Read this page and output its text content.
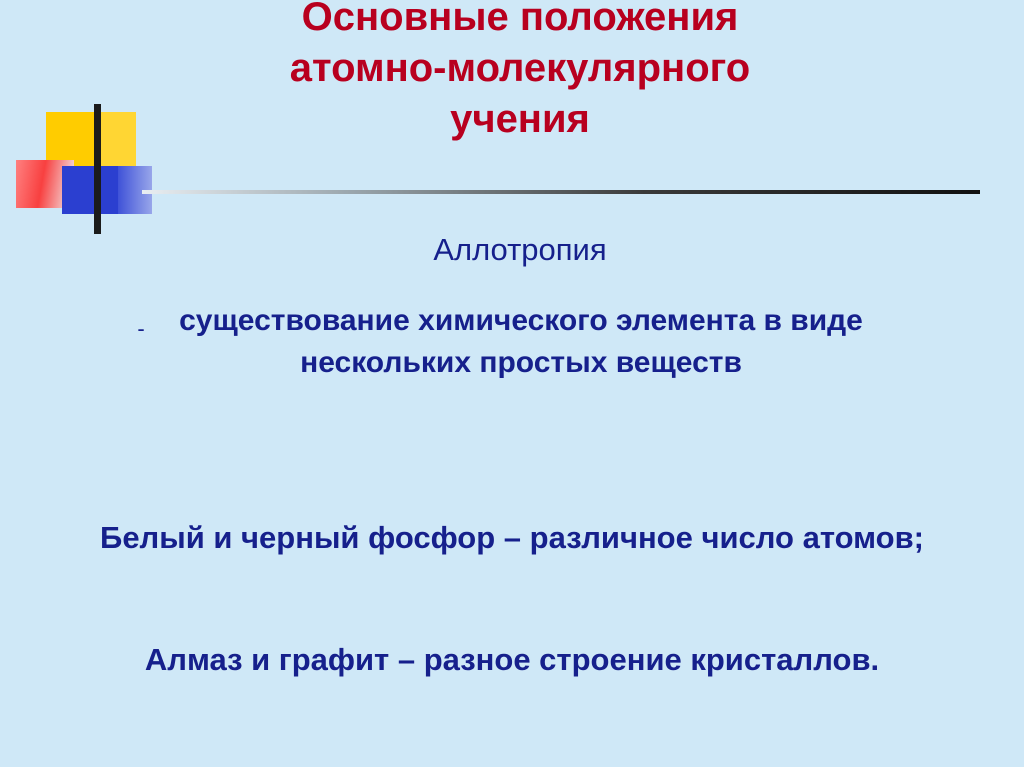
Основные положения
атомно-молекулярного
учения
Аллотропия
-	существование химического элемента в виде нескольких простых веществ
Белый и черный фосфор – различное число атомов;
Алмаз и графит – разное строение кристаллов.
